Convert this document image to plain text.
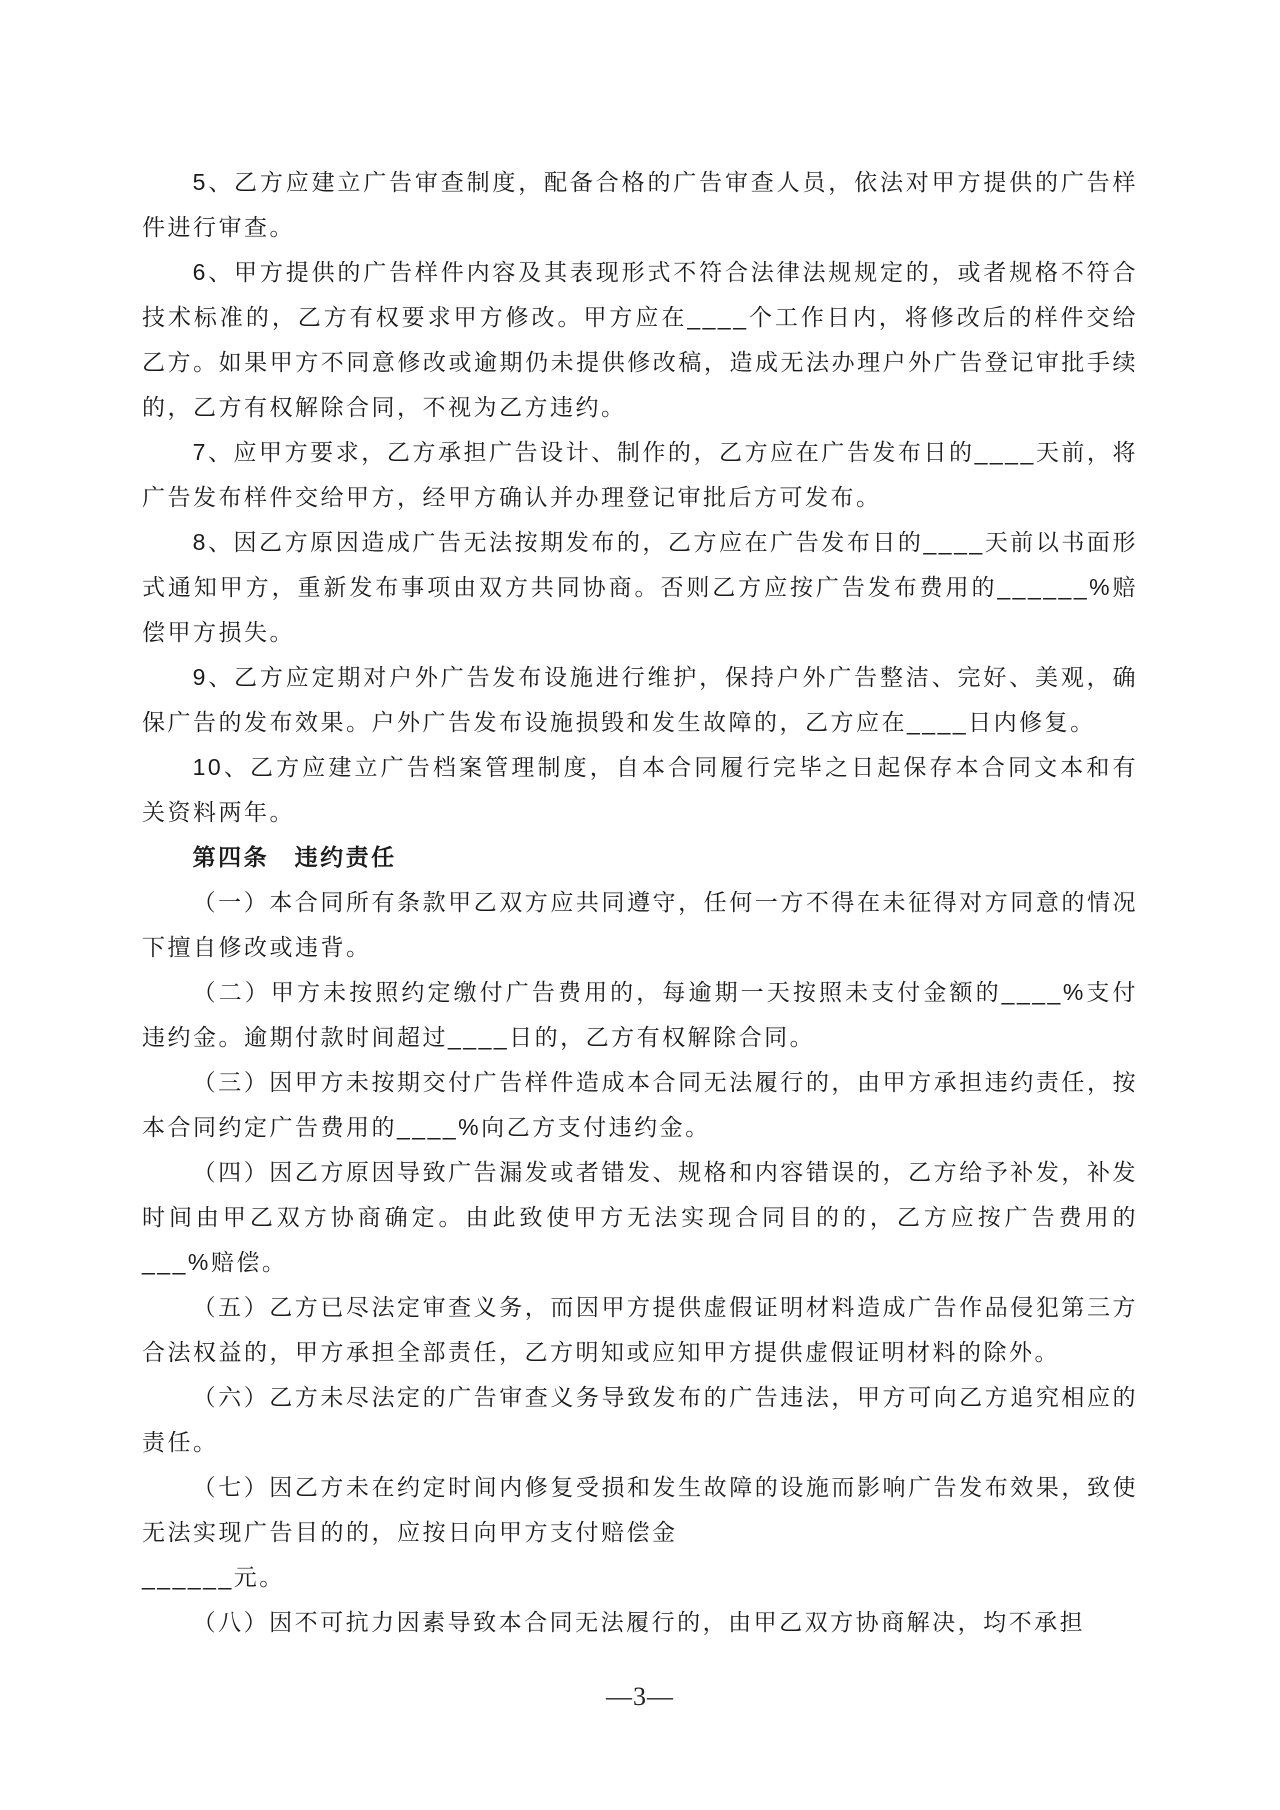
5、乙方应建立广告审查制度，配备合格的广告审查人员，依法对甲方提供的广告样件进行审查。

6、甲方提供的广告样件内容及其表现形式不符合法律法规规定的，或者规格不符合技术标准的，乙方有权要求甲方修改。甲方应在____个工作日内，将修改后的样件交给乙方。如果甲方不同意修改或逾期仍未提供修改稿，造成无法办理户外广告登记审批手续的，乙方有权解除合同，不视为乙方违约。

7、应甲方要求，乙方承担广告设计、制作的，乙方应在广告发布日的____天前，将广告发布样件交给甲方，经甲方确认并办理登记审批后方可发布。

8、因乙方原因造成广告无法按期发布的，乙方应在广告发布日的____天前以书面形式通知甲方，重新发布事项由双方共同协商。否则乙方应按广告发布费用的______%赔偿甲方损失。

9、乙方应定期对户外广告发布设施进行维护，保持户外广告整洁、完好、美观，确保广告的发布效果。户外广告发布设施损毁和发生故障的，乙方应在____日内修复。

10、乙方应建立广告档案管理制度，自本合同履行完毕之日起保存本合同文本和有关资料两年。

第四条　违约责任

（一）本合同所有条款甲乙双方应共同遵守，任何一方不得在未征得对方同意的情况下擅自修改或违背。

（二）甲方未按照约定缴付广告费用的，每逾期一天按照未支付金额的____%支付违约金。逾期付款时间超过____日的，乙方有权解除合同。

（三）因甲方未按期交付广告样件造成本合同无法履行的，由甲方承担违约责任，按本合同约定广告费用的____%向乙方支付违约金。

（四）因乙方原因导致广告漏发或者错发、规格和内容错误的，乙方给予补发，补发时间由甲乙双方协商确定。由此致使甲方无法实现合同目的的，乙方应按广告费用的___%赔偿。

（五）乙方已尽法定审查义务，而因甲方提供虚假证明材料造成广告作品侵犯第三方合法权益的，甲方承担全部责任，乙方明知或应知甲方提供虚假证明材料的除外。

（六）乙方未尽法定的广告审查义务导致发布的广告违法，甲方可向乙方追究相应的责任。

（七）因乙方未在约定时间内修复受损和发生故障的设施而影响广告发布效果，致使无法实现广告目的的，应按日向甲方支付赔偿金

______元。

（八）因不可抗力因素导致本合同无法履行的，由甲乙双方协商解决，均不承担

—3—
